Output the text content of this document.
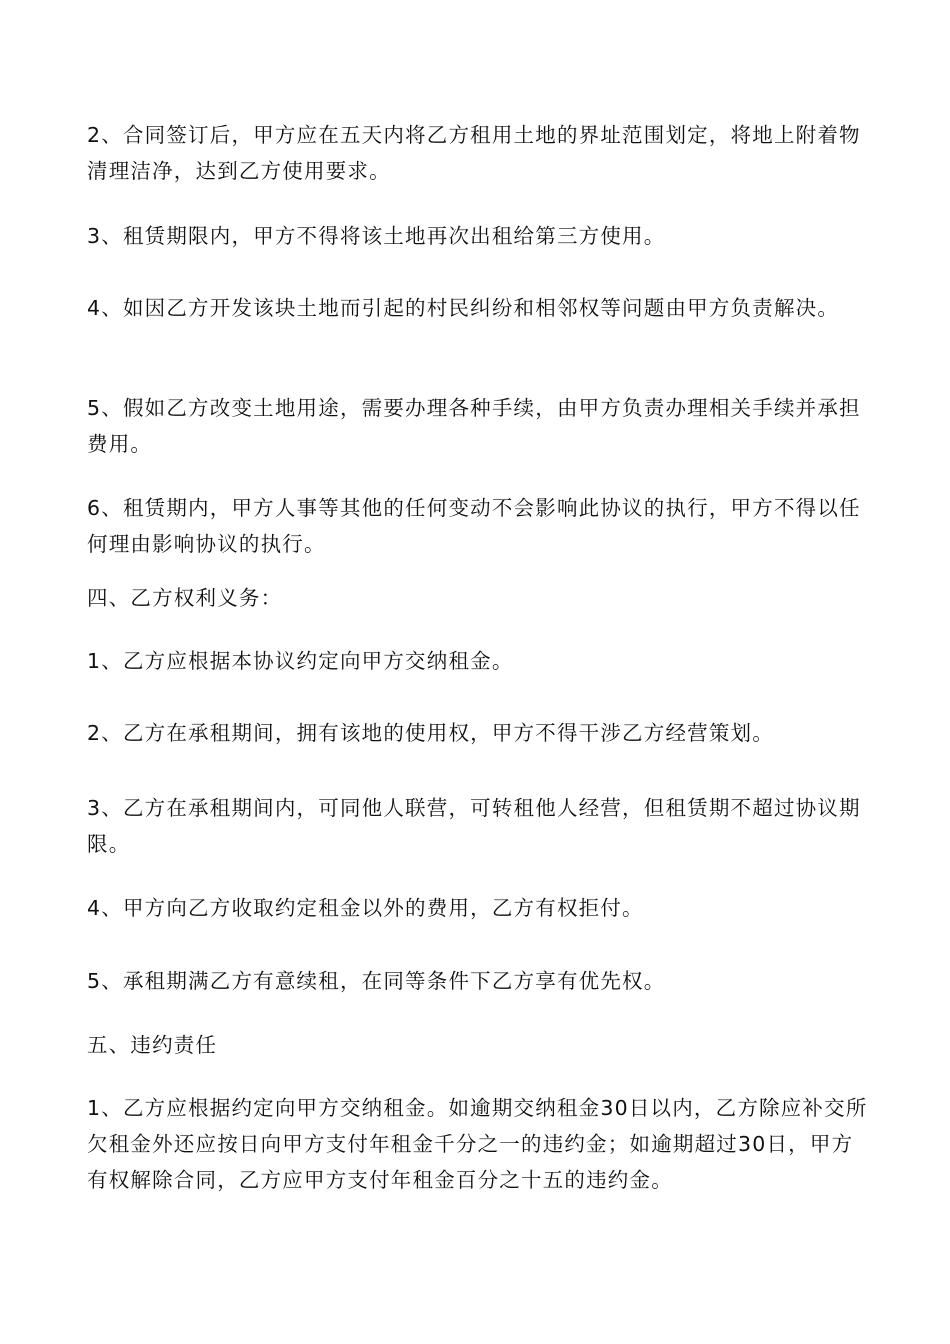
2、合同签订后，甲方应在五天内将乙方租用土地的界址范围划定，将地上附着物清理洁净，达到乙方使用要求。

3、租赁期限内，甲方不得将该土地再次出租给第三方使用。

4、如因乙方开发该块土地而引起的村民纠纷和相邻权等问题由甲方负责解决。

5、假如乙方改变土地用途，需要办理各种手续，由甲方负责办理相关手续并承担费用。

6、租赁期内，甲方人事等其他的任何变动不会影响此协议的执行，甲方不得以任何理由影响协议的执行。

四、乙方权利义务：

1、乙方应根据本协议约定向甲方交纳租金。

2、乙方在承租期间，拥有该地的使用权，甲方不得干涉乙方经营策划。

3、乙方在承租期间内，可同他人联营，可转租他人经营，但租赁期不超过协议期限。

4、甲方向乙方收取约定租金以外的费用，乙方有权拒付。

5、承租期满乙方有意续租，在同等条件下乙方享有优先权。

五、违约责任

1、乙方应根据约定向甲方交纳租金。如逾期交纳租金30日以内，乙方除应补交所欠租金外还应按日向甲方支付年租金千分之一的违约金；如逾期超过30日，甲方有权解除合同，乙方应甲方支付年租金百分之十五的违约金。
